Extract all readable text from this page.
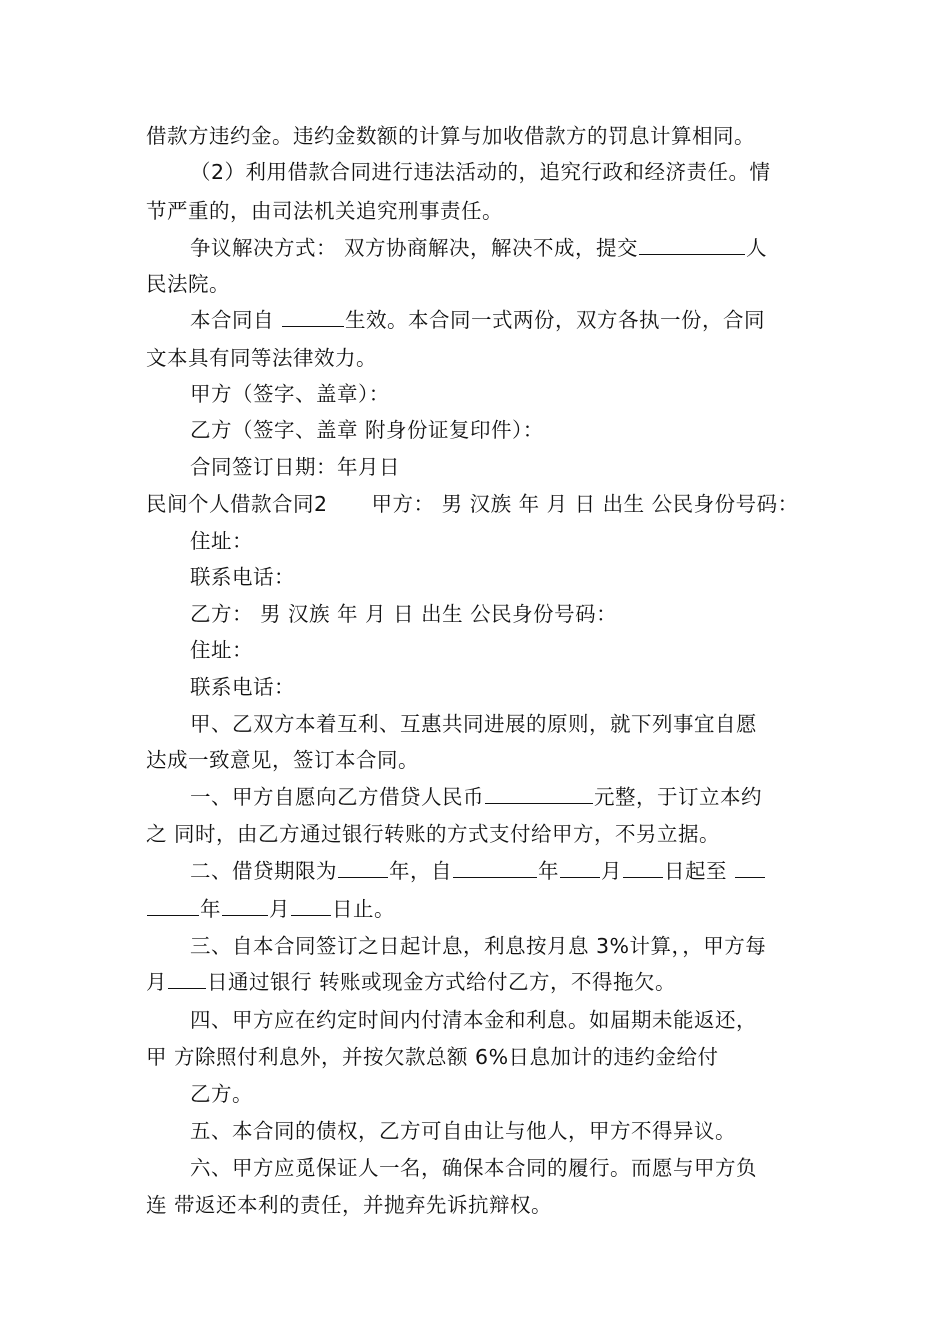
借款方违约金。违约金数额的计算与加收借款方的罚息计算相同。
（2）利用借款合同进行违法活动的，追究行政和经济责任。情
节严重的，由司法机关追究刑事责任。
争议解决方式： 双方协商解决，解决不成，提交	人
民法院。
本合同自	生效。本合同一式两份，双方各执一份，合同
文本具有同等法律效力。
甲方（签字、盖章）：
乙方（签字、盖章 附身份证复印件）：
合同签订日期：年月日
民间个人借款合同2 甲方： 男 汉族 年 月 日 出生 公民身份号码：
住址：
联系电话：
乙方： 男 汉族 年 月 日 出生 公民身份号码：
住址：
联系电话：
甲、乙双方本着互利、互惠共同进展的原则，就下列事宜自愿
达成一致意见，签订本合同。
一、甲方自愿向乙方借贷人民币	元整，于订立本约
之 同时，由乙方通过银行转账的方式支付给甲方，不另立据。
二、借贷期限为	年，自	年 月 日起至
年 月 日止。
三、自本合同签订之日起计息，利息按月息 3%计算，，甲方每
月 日通过银行 转账或现金方式给付乙方，不得拖欠。
四、甲方应在约定时间内付清本金和利息。如届期未能返还，
甲 方除照付利息外，并按欠款总额 6%日息加计的违约金给付
乙方。
五、本合同的债权，乙方可自由让与他人，甲方不得异议。
六、甲方应觅保证人一名，确保本合同的履行。而愿与甲方负
连 带返还本利的责任，并抛弃先诉抗辩权。
